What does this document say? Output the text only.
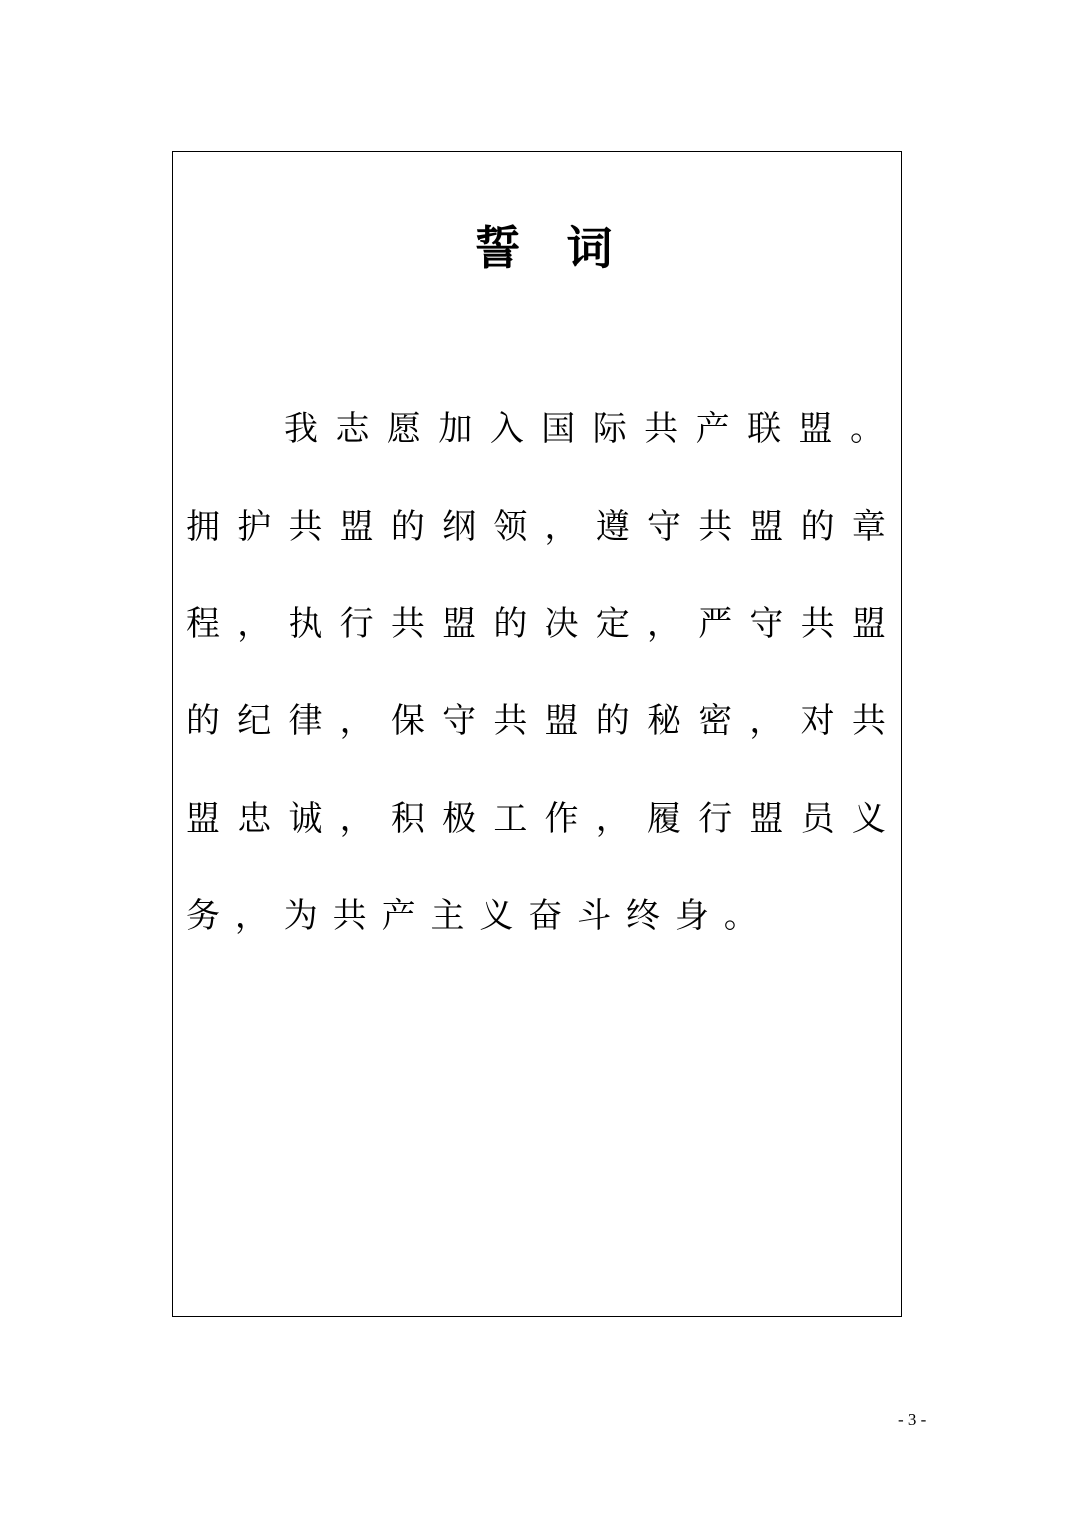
誓 词
我 志 愿 加 入 国 际 共 产 联 盟 。
拥 护 共 盟 的 纲 领 ， 遵 守 共 盟 的 章
程 ， 执 行 共 盟 的 决 定 ， 严 守 共 盟
的 纪 律 ， 保 守 共 盟 的 秘 密 ， 对 共
盟 忠 诚 ， 积 极 工 作 ， 履 行 盟 员 义
务 ， 为 共 产 主 义 奋 斗 终 身 。
- 3 -
